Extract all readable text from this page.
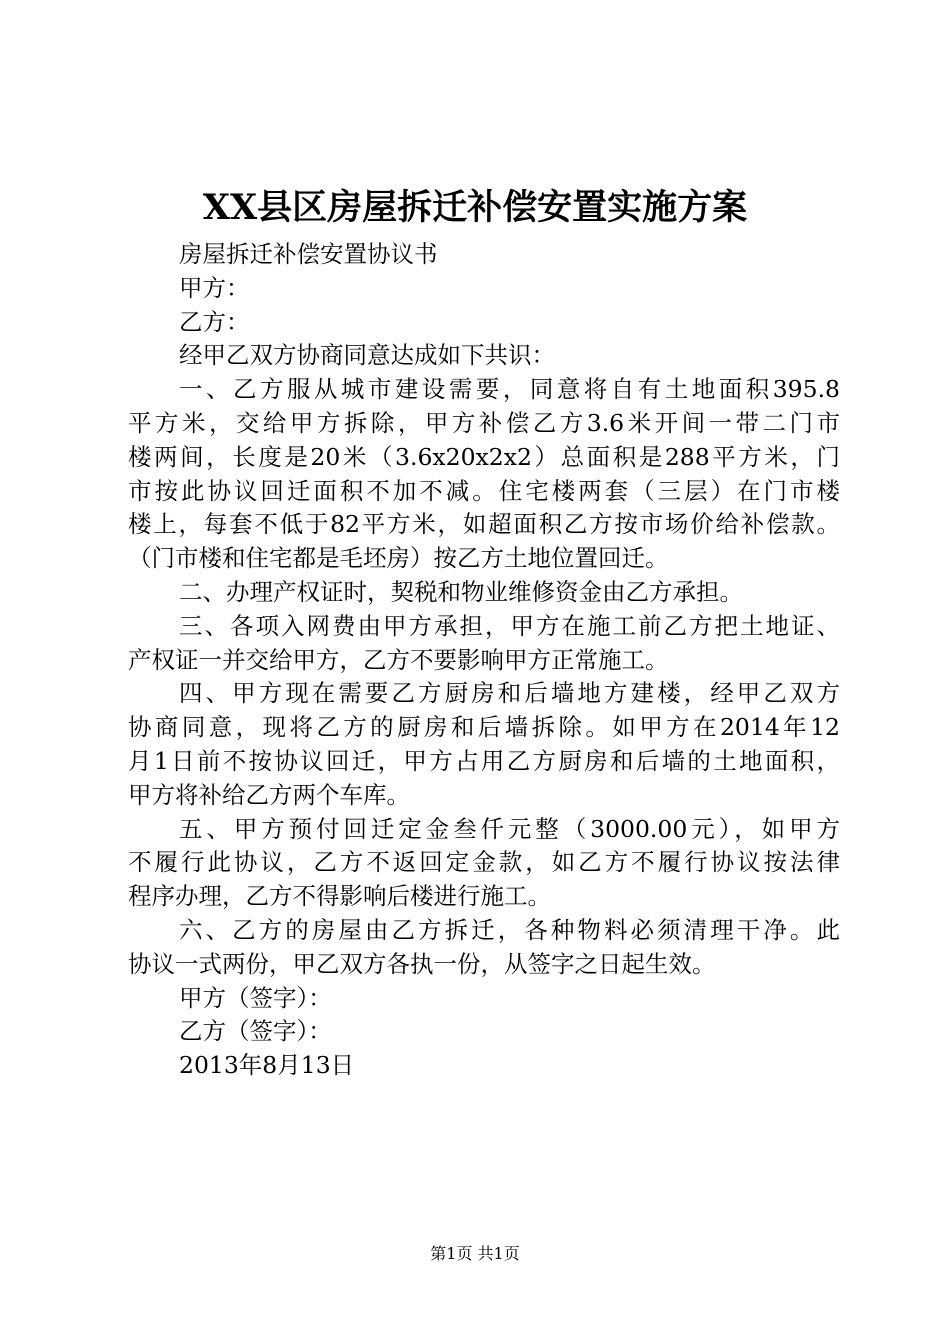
XX县区房屋拆迁补偿安置实施方案
房屋拆迁补偿安置协议书
甲方：
乙方：
经甲乙双方协商同意达成如下共识：
一、乙方服从城市建设需要，同意将自有土地面积395.8
平方米，交给甲方拆除，甲方补偿乙方3.6米开间一带二门市
楼两间，长度是20米（3.6x20x2x2）总面积是288平方米，门
市按此协议回迁面积不加不减。住宅楼两套（三层）在门市楼
楼上，每套不低于82平方米，如超面积乙方按市场价给补偿款。
（门市楼和住宅都是毛坯房）按乙方土地位置回迁。
二、办理产权证时，契税和物业维修资金由乙方承担。
三、各项入网费由甲方承担，甲方在施工前乙方把土地证、
产权证一并交给甲方，乙方不要影响甲方正常施工。
四、甲方现在需要乙方厨房和后墙地方建楼，经甲乙双方
协商同意，现将乙方的厨房和后墙拆除。如甲方在2014年12
月1日前不按协议回迁，甲方占用乙方厨房和后墙的土地面积，
甲方将补给乙方两个车库。
五、甲方预付回迁定金叁仟元整（3000.00元），如甲方
不履行此协议，乙方不返回定金款，如乙方不履行协议按法律
程序办理，乙方不得影响后楼进行施工。
六、乙方的房屋由乙方拆迁，各种物料必须清理干净。此
协议一式两份，甲乙双方各执一份，从签字之日起生效。
甲方（签字）：
乙方（签字）：
2013年8月13日
第1页 共1页
